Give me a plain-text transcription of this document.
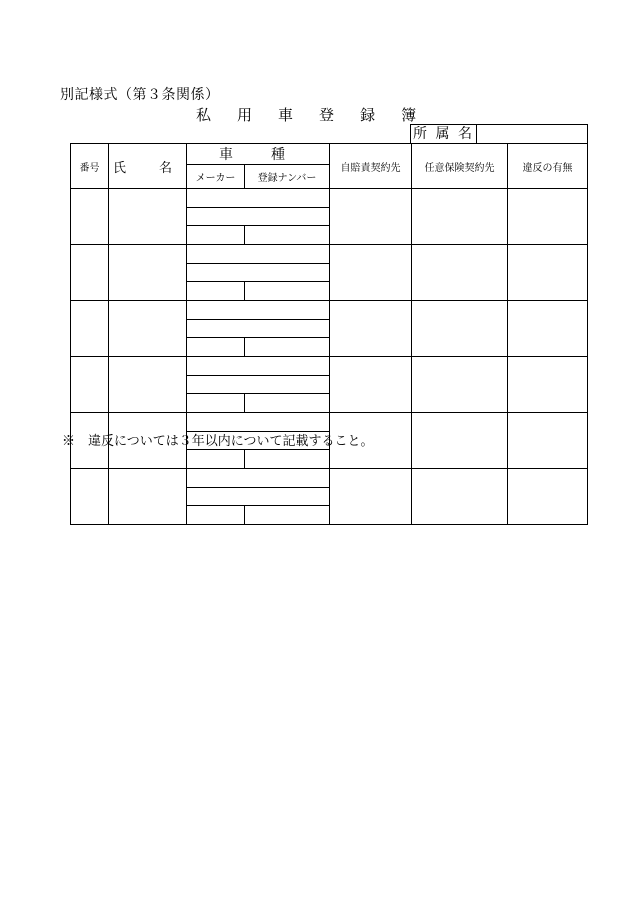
別記様式（第３条関係）
私 用 車 登 録 簿
所 属 名
番号	氏　名	車　種		自賠責契約先	任意保険契約先	違反の有無
		メーカー	登録ナンバー			

※　違反については３年以内について記載すること。
